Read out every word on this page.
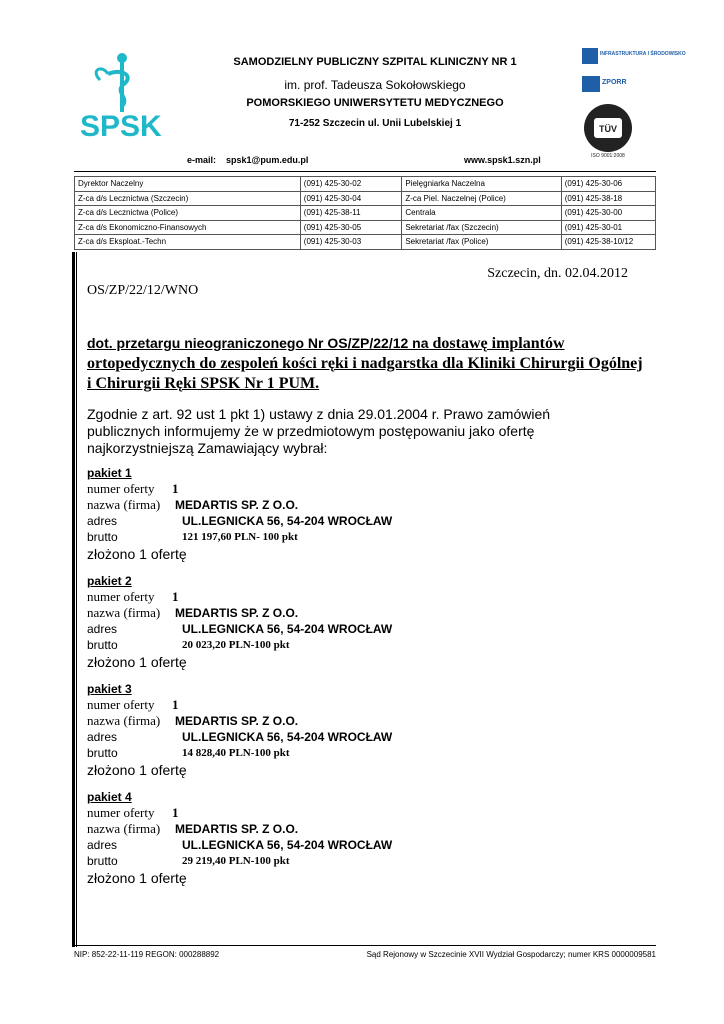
SPSK
SAMODZIELNY PUBLICZNY SZPITAL KLINICZNY NR 1
im. prof. Tadeusza Sokołowskiego
POMORSKIEGO UNIWERSYTETU MEDYCZNEGO
71-252 Szczecin ul. Unii Lubelskiej 1
INFRASTRUKTURA I ŚRODOWISKO
ZPORR
TÜV
ISO 9001:2008
e-mail: spsk1@pum.edu.pl	www.spsk1.szn.pl
Dyrektor Naczelny	(091) 425-30-02	Pielęgniarka Naczelna	(091) 425-30-06
Z-ca d/s Lecznictwa (Szczecin)	(091) 425-30-04	Z-ca Piel. Naczelnej (Police)	(091) 425-38-18
Z-ca d/s Lecznictwa (Police)	(091) 425-38-11	Centrala	(091) 425-30-00
Z-ca d/s Ekonomiczno-Finansowych	(091) 425-30-05	Sekretariat /fax (Szczecin)	(091) 425-30-01
Z-ca d/s Eksploat.-Techn	(091) 425-30-03	Sekretariat /fax (Police)	(091) 425-38-10/12
Szczecin, dn. 02.04.2012
OS/ZP/22/12/WNO
dot. przetargu nieograniczonego Nr OS/ZP/22/12 na dostawę implantów ortopedycznych do zespoleń kości ręki i nadgarstka dla Kliniki Chirurgii Ogólnej i Chirurgii Ręki SPSK Nr 1 PUM.
Zgodnie z art. 92 ust 1 pkt 1) ustawy z dnia 29.01.2004 r. Prawo zamówień publicznych informujemy że w przedmiotowym postępowaniu jako ofertę najkorzystniejszą Zamawiający wybrał:
pakiet 1
numer oferty 1
nazwa (firma) MEDARTIS SP. Z O.O.
adres	UL.LEGNICKA 56, 54-204 WROCŁAW
brutto	121 197,60 PLN- 100 pkt
złożono 1 ofertę
pakiet 2
numer oferty 1
nazwa (firma) MEDARTIS SP. Z O.O.
adres	UL.LEGNICKA 56, 54-204 WROCŁAW
brutto	20 023,20 PLN-100 pkt
złożono 1 ofertę
pakiet 3
numer oferty 1
nazwa (firma) MEDARTIS SP. Z O.O.
adres	UL.LEGNICKA 56, 54-204 WROCŁAW
brutto	14 828,40 PLN-100 pkt
złożono 1 ofertę
pakiet 4
numer oferty 1
nazwa (firma) MEDARTIS SP. Z O.O.
adres	UL.LEGNICKA 56, 54-204 WROCŁAW
brutto	29 219,40 PLN-100 pkt
złożono 1 ofertę
NIP: 852-22-11-119 REGON: 000288892	Sąd Rejonowy w Szczecinie XVII Wydział Gospodarczy; numer KRS 0000009581
